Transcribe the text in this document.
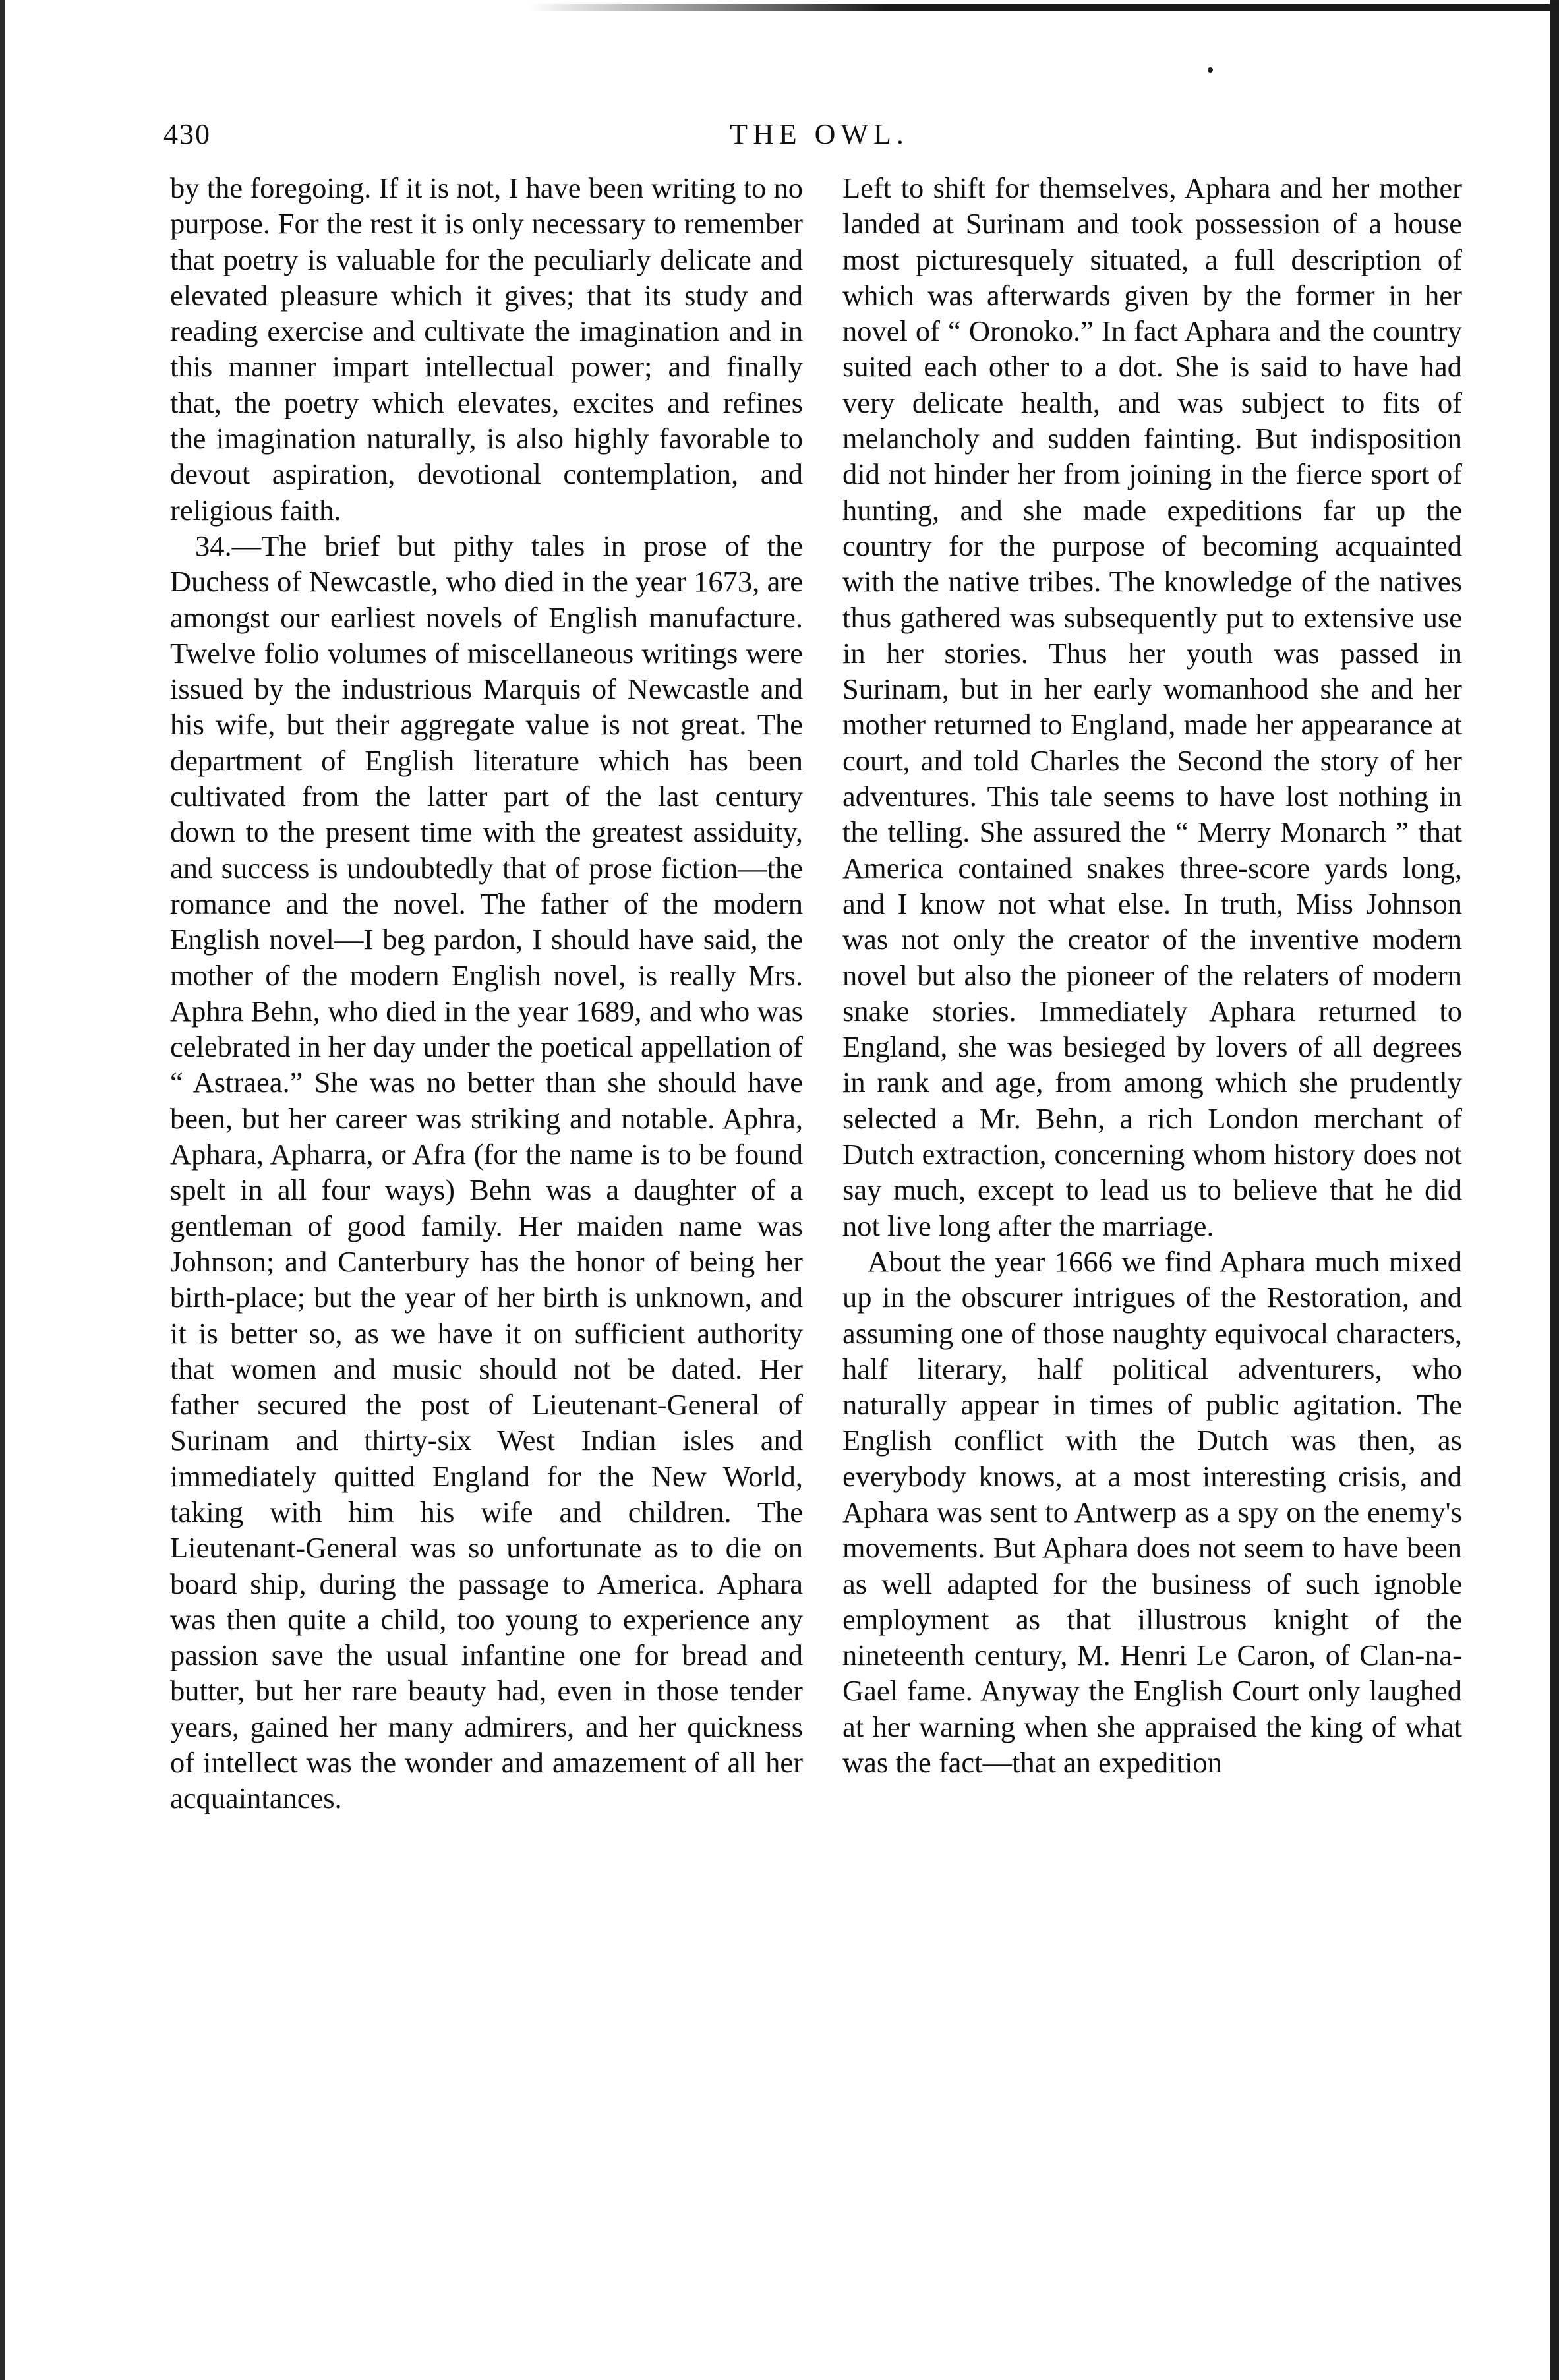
430	THE OWL.

by the foregoing. If it is not, I have been writing to no purpose. For the rest it is only necessary to remember that poetry is valuable for the peculiarly delicate and elevated pleasure which it gives; that its study and reading exercise and cultivate the imagination and in this manner impart intellectual power; and finally that, the poetry which elevates, excites and refines the imagination naturally, is also highly favorable to devout aspiration, devotional contemplation, and religious faith.

34.—The brief but pithy tales in prose of the Duchess of Newcastle, who died in the year 1673, are amongst our earliest novels of English manufacture. Twelve folio volumes of miscellaneous writings were issued by the industrious Marquis of Newcastle and his wife, but their aggregate value is not great. The department of English literature which has been cultivated from the latter part of the last century down to the present time with the greatest assiduity, and success is undoubtedly that of prose fiction—the romance and the novel. The father of the modern English novel—I beg pardon, I should have said, the mother of the modern English novel, is really Mrs. Aphra Behn, who died in the year 1689, and who was celebrated in her day under the poetical appellation of “ Astraea.” She was no better than she should have been, but her career was striking and notable. Aphra, Aphara, Apharra, or Afra (for the name is to be found spelt in all four ways) Behn was a daughter of a gentleman of good family. Her maiden name was Johnson; and Canterbury has the honor of being her birth-place; but the year of her birth is unknown, and it is better so, as we have it on sufficient authority that women and music should not be dated. Her father secured the post of Lieutenant-General of Surinam and thirty-six West Indian isles and immediately quitted England for the New World, taking with him his wife and children. The Lieutenant-General was so unfortunate as to die on board ship, during the passage to America. Aphara was then quite a child, too young to experience any passion save the usual infantine one for bread and butter, but her rare beauty had, even in those tender years, gained her many admirers, and her quickness of intellect was the wonder and amazement of all her acquaintances.

Left to shift for themselves, Aphara and her mother landed at Surinam and took possession of a house most picturesquely situated, a full description of which was afterwards given by the former in her novel of “ Oronoko.” In fact Aphara and the country suited each other to a dot. She is said to have had very delicate health, and was subject to fits of melancholy and sudden fainting. But indisposition did not hinder her from joining in the fierce sport of hunting, and she made expeditions far up the country for the purpose of becoming acquainted with the native tribes. The knowledge of the natives thus gathered was subsequently put to extensive use in her stories. Thus her youth was passed in Surinam, but in her early womanhood she and her mother returned to England, made her appearance at court, and told Charles the Second the story of her adventures. This tale seems to have lost nothing in the telling. She assured the “ Merry Monarch ” that America contained snakes three-score yards long, and I know not what else. In truth, Miss Johnson was not only the creator of the inventive modern novel but also the pioneer of the relaters of modern snake stories. Immediately Aphara returned to England, she was besieged by lovers of all degrees in rank and age, from among which she prudently selected a Mr. Behn, a rich London merchant of Dutch extraction, concerning whom history does not say much, except to lead us to believe that he did not live long after the marriage.

About the year 1666 we find Aphara much mixed up in the obscurer intrigues of the Restoration, and assuming one of those naughty equivocal characters, half literary, half political adventurers, who naturally appear in times of public agitation. The English conflict with the Dutch was then, as everybody knows, at a most interesting crisis, and Aphara was sent to Antwerp as a spy on the enemy's movements. But Aphara does not seem to have been as well adapted for the business of such ignoble employment as that illustrous knight of the nineteenth century, M. Henri Le Caron, of Clan-na-Gael fame. Anyway the English Court only laughed at her warning when she appraised the king of what was the fact—that an expedition
